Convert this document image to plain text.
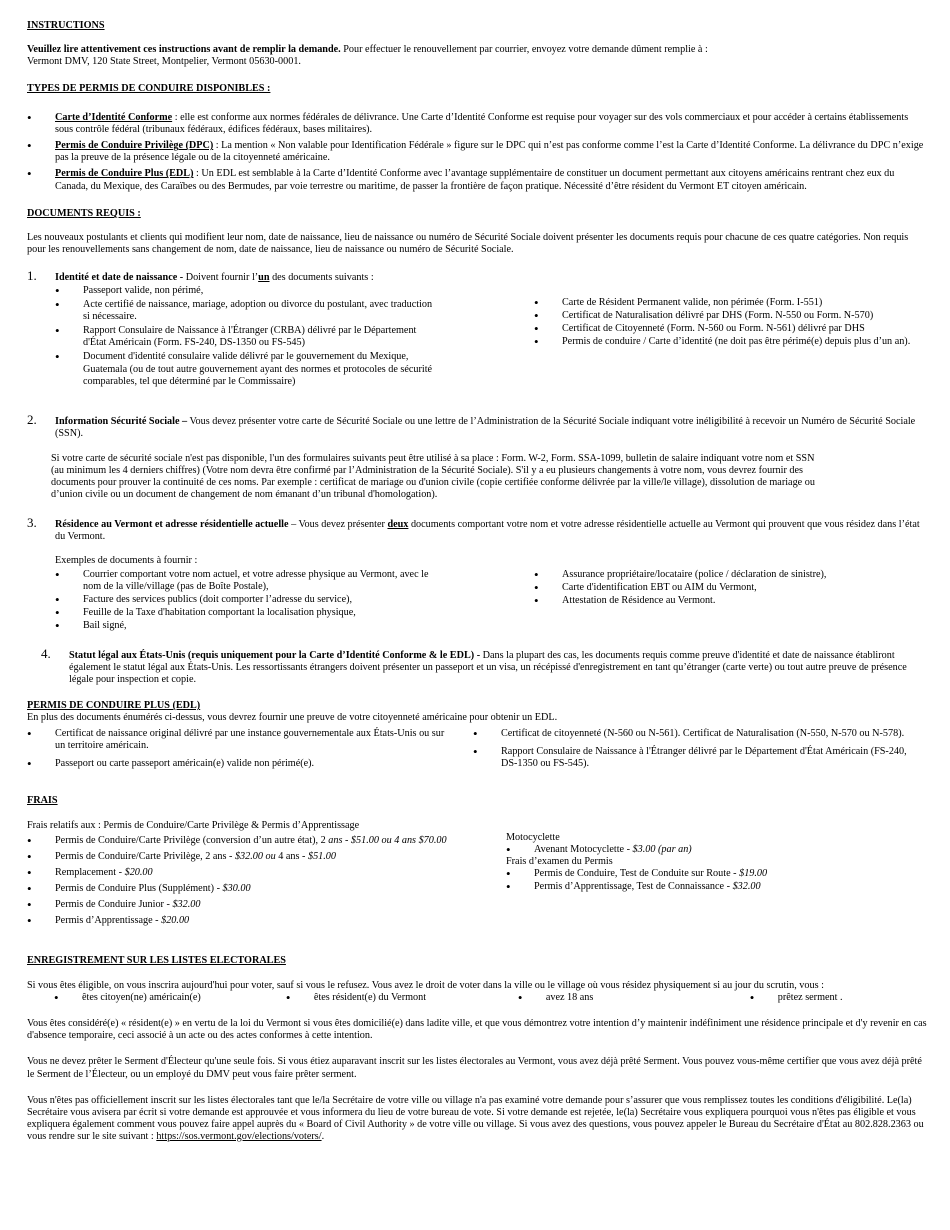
INSTRUCTIONS

Veuillez lire attentivement ces instructions avant de remplir la demande. Pour effectuer le renouvellement par courrier, envoyez votre demande dûment remplie à :

Vermont DMV, 120 State Street, Montpelier, Vermont 05630-0001.

TYPES DE PERMIS DE CONDUIRE DISPONIBLES :

• Carte d’Identité Conforme : elle est conforme aux normes fédérales de délivrance. Une Carte d’Identité Conforme est requise pour voyager sur des vols commerciaux et pour accéder à certains établissements sous contrôle fédéral (tribunaux fédéraux, édifices fédéraux, bases militaires).
• Permis de Conduire Privilège (DPC) : La mention « Non valable pour Identification Fédérale » figure sur le DPC qui n’est pas conforme comme l’est la Carte d’Identité Conforme. La délivrance du DPC n’exige pas la preuve de la présence légale ou de la citoyenneté américaine.
• Permis de Conduire Plus (EDL) : Un EDL est semblable à la Carte d’Identité Conforme avec l’avantage supplémentaire de constituer un document permettant aux citoyens américains rentrant chez eux du Canada, du Mexique, des Caraïbes ou des Bermudes, par voie terrestre ou maritime, de passer la frontière de façon pratique. Nécessité d’être résident du Vermont ET citoyen américain.

DOCUMENTS REQUIS :

Les nouveaux postulants et clients qui modifient leur nom, date de naissance, lieu de naissance ou numéro de Sécurité Sociale doivent présenter les documents requis pour chacune de ces quatre catégories. Non requis pour les renouvellements sans changement de nom, date de naissance, lieu de naissance ou numéro de Sécurité Sociale.

1. Identité et date de naissance - Doivent fournir l’un des documents suivants :

• Passeport valide, non périmé,
• Acte certifié de naissance, mariage, adoption ou divorce du postulant, avec traduction si nécessaire.
• Rapport Consulaire de Naissance à l'Étranger (CRBA) délivré par le Département d'État Américain (Form. FS-240, DS-1350 ou FS-545)
• Document d'identité consulaire valide délivré par le gouvernement du Mexique, Guatemala (ou de tout autre gouvernement ayant des normes et protocoles de sécurité comparables, tel que déterminé par le Commissaire)
• Carte de Résident Permanent valide, non périmée (Form. I-551)
• Certificat de Naturalisation délivré par DHS (Form. N-550 ou Form. N-570)
• Certificat de Citoyenneté (Form. N-560 ou Form. N-561) délivré par DHS
• Permis de conduire / Carte d’identité (ne doit pas être périmé(e) depuis plus d’un an).
2. Information Sécurité Sociale – Vous devez présenter votre carte de Sécurité Sociale ou une lettre de l’Administration de la Sécurité Sociale indiquant votre inéligibilité à recevoir un Numéro de Sécurité Sociale (SSN).

Si votre carte de sécurité sociale n'est pas disponible, l'un des formulaires suivants peut être utilisé à sa place : Form. W-2, Form. SSA-1099, bulletin de salaire indiquant votre nom et SSN (au minimum les 4 derniers chiffres) (Votre nom devra être confirmé par l’Administration de la Sécurité Sociale). S'il y a eu plusieurs changements à votre nom, vous devrez fournir des documents pour prouver la continuité de ces noms. Par exemple : certificat de mariage ou d'union civile (copie certifiée conforme délivrée par la ville/le village), dissolution de mariage ou d’union civile ou un document de changement de nom émanant d’un tribunal d'homologation).

3. Résidence au Vermont et adresse résidentielle actuelle – Vous devez présenter deux documents comportant votre nom et votre adresse résidentielle actuelle au Vermont qui prouvent que vous résidez dans l’état du Vermont.

Exemples de documents à fournir :

• Courrier comportant votre nom actuel, et votre adresse physique au Vermont, avec le nom de la ville/village (pas de Boîte Postale),
• Facture des services publics (doit comporter l’adresse du service),
• Feuille de la Taxe d'habitation comportant la localisation physique,
• Bail signé,
• Assurance propriétaire/locataire (police / déclaration de sinistre),
• Carte d'identification EBT ou AIM du Vermont,
• Attestation de Résidence au Vermont.
4. Statut légal aux États-Unis (requis uniquement pour la Carte d’Identité Conforme & le EDL) - Dans la plupart des cas, les documents requis comme preuve d'identité et date de naissance établiront également le statut légal aux États-Unis. Les ressortissants étrangers doivent présenter un passeport et un visa, un récépissé d'enregistrement en tant qu’étranger (carte verte) ou tout autre preuve de présence légale pour inspection et copie.

PERMIS DE CONDUIRE PLUS (EDL)

En plus des documents énumérés ci-dessus, vous devrez fournir une preuve de votre citoyenneté américaine pour obtenir un EDL.

• Certificat de naissance original délivré par une instance gouvernementale aux États-Unis ou sur un territoire américain.
• Passeport ou carte passeport américain(e) valide non périmé(e).
• Certificat de citoyenneté (N-560 ou N-561). Certificat de Naturalisation (N-550, N-570 ou N-578).
• Rapport Consulaire de Naissance à l'Étranger délivré par le Département d'État Américain (FS-240, DS-1350 ou FS-545).

FRAIS

Frais relatifs aux : Permis de Conduire/Carte Privilège & Permis d’Apprentissage

• Permis de Conduire/Carte Privilège (conversion d’un autre état), 2 ans - $51.00 ou 4 ans $70.00
• Permis de Conduire/Carte Privilège, 2 ans - $32.00 ou 4 ans - $51.00
• Remplacement - $20.00
• Permis de Conduire Plus (Supplément) - $30.00
• Permis de Conduire Junior - $32.00
• Permis d’Apprentissage - $20.00

Motocyclette

• Avenant Motocyclette - $3.00 (par an)

Frais d’examen du Permis

• Permis de Conduire, Test de Conduite sur Route - $19.00
• Permis d’Apprentissage, Test de Connaissance - $32.00

ENREGISTREMENT SUR LES LISTES ELECTORALES

Si vous êtes éligible, on vous inscrira aujourd'hui pour voter, sauf si vous le refusez. Vous avez le droit de voter dans la ville ou le village où vous résidez physiquement si au jour du scrutin, vous :

• êtes citoyen(ne) américain(e)	• êtes résident(e) du Vermont	• avez 18 ans	• prêtez serment .

Vous êtes considéré(e) « résident(e) » en vertu de la loi du Vermont si vous êtes domicilié(e) dans ladite ville, et que vous démontrez votre intention d’y maintenir indéfiniment une résidence principale et d'y revenir en cas d'absence temporaire, ceci associé à un acte ou des actes conformes à cette intention.

Vous ne devez prêter le Serment d'Électeur qu'une seule fois. Si vous étiez auparavant inscrit sur les listes électorales au Vermont, vous avez déjà prêté Serment. Vous pouvez vous-même certifier que vous avez déjà prêté le Serment de l’Électeur, ou un employé du DMV peut vous faire prêter serment.

Vous n'êtes pas officiellement inscrit sur les listes électorales tant que le/la Secrétaire de votre ville ou village n'a pas examiné votre demande pour s’assurer que vous remplissez toutes les conditions d'éligibilité. Le(la) Secrétaire vous avisera par écrit si votre demande est approuvée et vous informera du lieu de votre bureau de vote. Si votre demande est rejetée, le(la) Secrétaire vous expliquera pourquoi vous n'êtes pas éligible et vous expliquera également comment vous pouvez faire appel auprès du « Board of Civil Authority » de votre ville ou village. Si vous avez des questions, vous pouvez appeler le Bureau du Secrétaire d'État au 802.828.2363 ou vous rendre sur le site suivant : https://sos.vermont.gov/elections/voters/.
